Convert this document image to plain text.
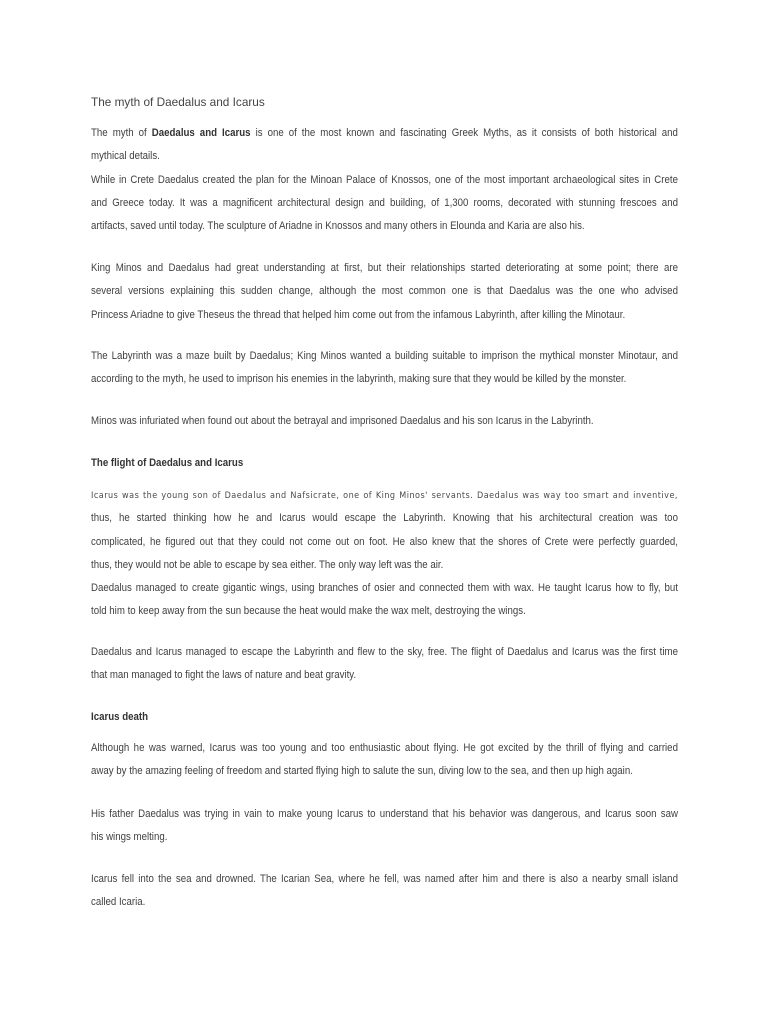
The myth of Daedalus and Icarus
The myth of Daedalus and Icarus is one of the most known and fascinating Greek Myths, as it consists of both historical and
mythical details.
While in Crete Daedalus created the plan for the Minoan Palace of Knossos, one of the most important archaeological sites in Crete
and Greece today. It was a magnificent architectural design and building, of 1,300 rooms, decorated with stunning frescoes and
artifacts, saved until today. The sculpture of Ariadne in Knossos and many others in Elounda and Karia are also his.
King Minos and Daedalus had great understanding at first, but their relationships started deteriorating at some point; there are
several versions explaining this sudden change, although the most common one is that Daedalus was the one who advised
Princess Ariadne to give Theseus the thread that helped him come out from the infamous Labyrinth, after killing the Minotaur.
The Labyrinth was a maze built by Daedalus; King Minos wanted a building suitable to imprison the mythical monster Minotaur, and
according to the myth, he used to imprison his enemies in the labyrinth, making sure that they would be killed by the monster.
Minos was infuriated when found out about the betrayal and imprisoned Daedalus and his son Icarus in the Labyrinth.
The flight of Daedalus and Icarus
Icarus was the young son of Daedalus and Nafsicrate, one of King Minos' servants. Daedalus was way too smart and inventive,
thus, he started thinking how he and Icarus would escape the Labyrinth. Knowing that his architectural creation was too
complicated, he figured out that they could not come out on foot. He also knew that the shores of Crete were perfectly guarded,
thus, they would not be able to escape by sea either. The only way left was the air.
Daedalus managed to create gigantic wings, using branches of osier and connected them with wax. He taught Icarus how to fly, but
told him to keep away from the sun because the heat would make the wax melt, destroying the wings.
Daedalus and Icarus managed to escape the Labyrinth and flew to the sky, free. The flight of Daedalus and Icarus was the first time
that man managed to fight the laws of nature and beat gravity.
Icarus death
Although he was warned, Icarus was too young and too enthusiastic about flying. He got excited by the thrill of flying and carried
away by the amazing feeling of freedom and started flying high to salute the sun, diving low to the sea, and then up high again.
His father Daedalus was trying in vain to make young Icarus to understand that his behavior was dangerous, and Icarus soon saw
his wings melting.
Icarus fell into the sea and drowned. The Icarian Sea, where he fell, was named after him and there is also a nearby small island
called Icaria.
